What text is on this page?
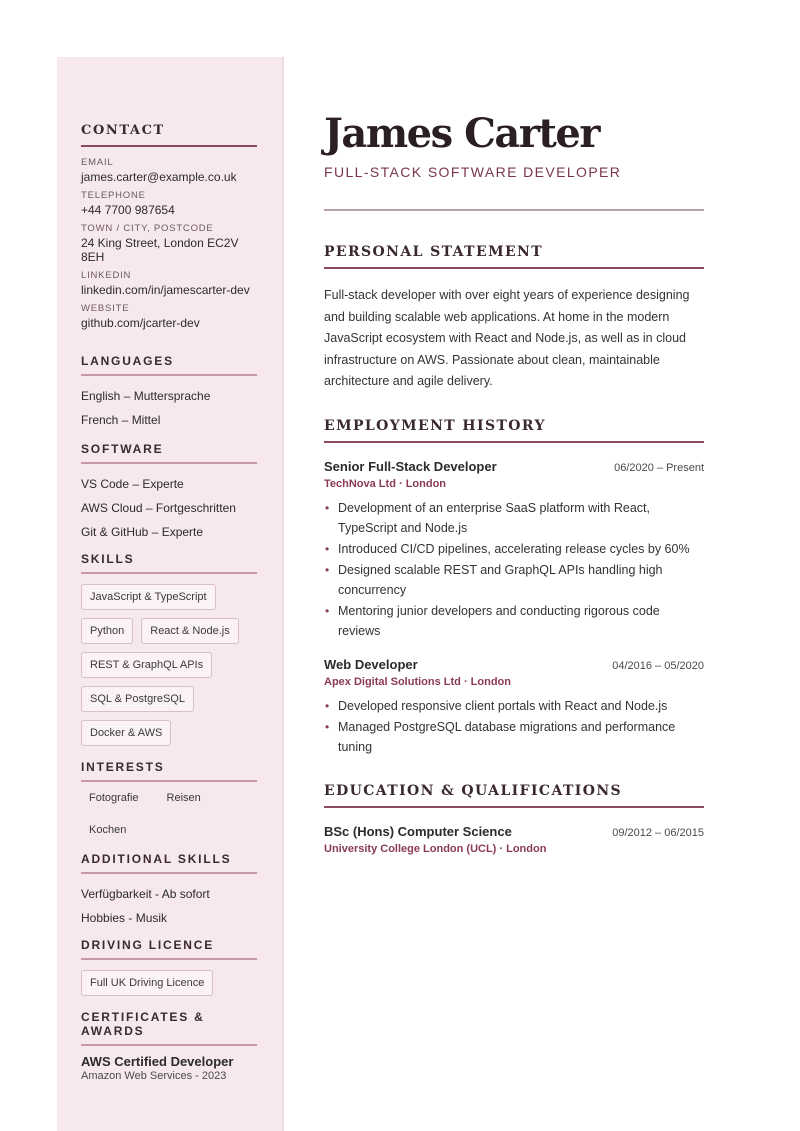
CONTACT
EMAIL
james.carter@example.co.uk
TELEPHONE
+44 7700 987654
TOWN / CITY, POSTCODE
24 King Street, London EC2V 8EH
LINKEDIN
linkedin.com/in/jamescarter-dev
WEBSITE
github.com/jcarter-dev
LANGUAGES
English – Muttersprache
French – Mittel
SOFTWARE
VS Code – Experte
AWS Cloud – Fortgeschritten
Git & GitHub – Experte
SKILLS
JavaScript & TypeScript
Python	React & Node.js
REST & GraphQL APIs
SQL & PostgreSQL
Docker & AWS
INTERESTS
Fotografie	Reisen
Kochen
ADDITIONAL SKILLS
Verfügbarkeit - Ab sofort
Hobbies - Musik
DRIVING LICENCE
Full UK Driving Licence
CERTIFICATES & AWARDS
AWS Certified Developer
Amazon Web Services - 2023
James Carter
FULL-STACK SOFTWARE DEVELOPER
PERSONAL STATEMENT

Full-stack developer with over eight years of experience designing and building scalable web applications. At home in the modern JavaScript ecosystem with React and Node.js, as well as in cloud infrastructure on AWS. Passionate about clean, maintainable architecture and agile delivery.

EMPLOYMENT HISTORY
Senior Full-Stack Developer	06/2020 – Present
TechNova Ltd · London
• Development of an enterprise SaaS platform with React, TypeScript and Node.js
• Introduced CI/CD pipelines, accelerating release cycles by 60%
• Designed scalable REST and GraphQL APIs handling high concurrency
• Mentoring junior developers and conducting rigorous code reviews
Web Developer	04/2016 – 05/2020
Apex Digital Solutions Ltd · London
• Developed responsive client portals with React and Node.js
• Managed PostgreSQL database migrations and performance tuning
EDUCATION & QUALIFICATIONS
BSc (Hons) Computer Science	09/2012 – 06/2015
University College London (UCL) · London
